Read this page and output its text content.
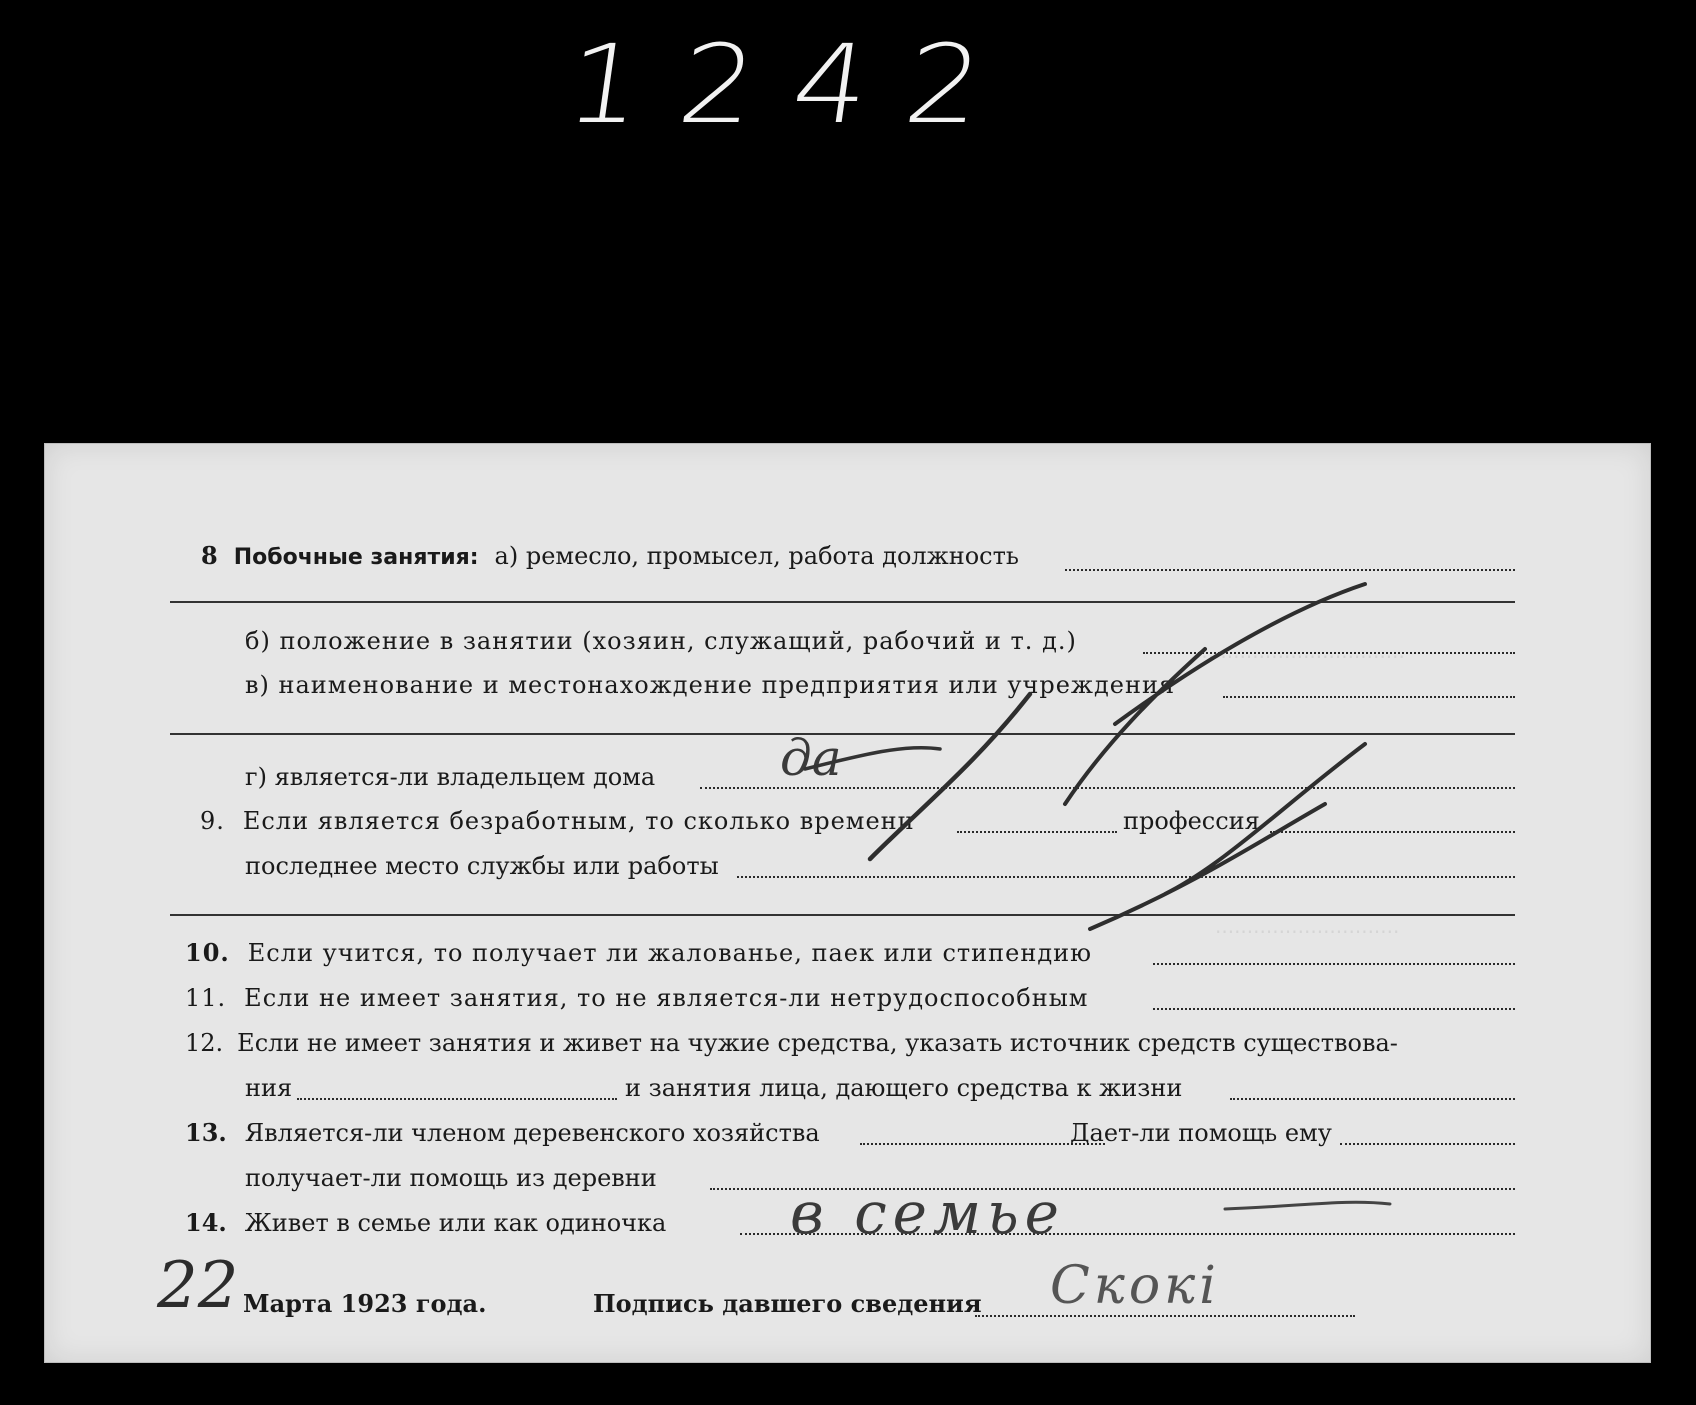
1242
.................................
.............................
8 Побочные занятия: а) ремесло, промысел, работа должность
б) положение в занятии (хозяин, служащий, рабочий и т. д.)
в) наименование и местонахождение предприятия или учреждения
г) является-ли владельцем дома да
9. Если является безработным, то сколько времени	профессия
последнее место службы или работы
10. Если учится, то получает ли жалованье, паек или стипендию
11. Если не имеет занятия, то не является-ли нетрудоспособным
12. Если не имеет занятия и живет на чужие средства, указать источник средств существова-
ния	и занятия лица, дающего средства к жизни
13. Является-ли членом деревенского хозяйства	Дает-ли помощь ему
получает-ли помощь из деревни
14. Живет в семье или как одиночка в семье
22 Марта 1923 года.	Подпись давшего сведения Скокі
